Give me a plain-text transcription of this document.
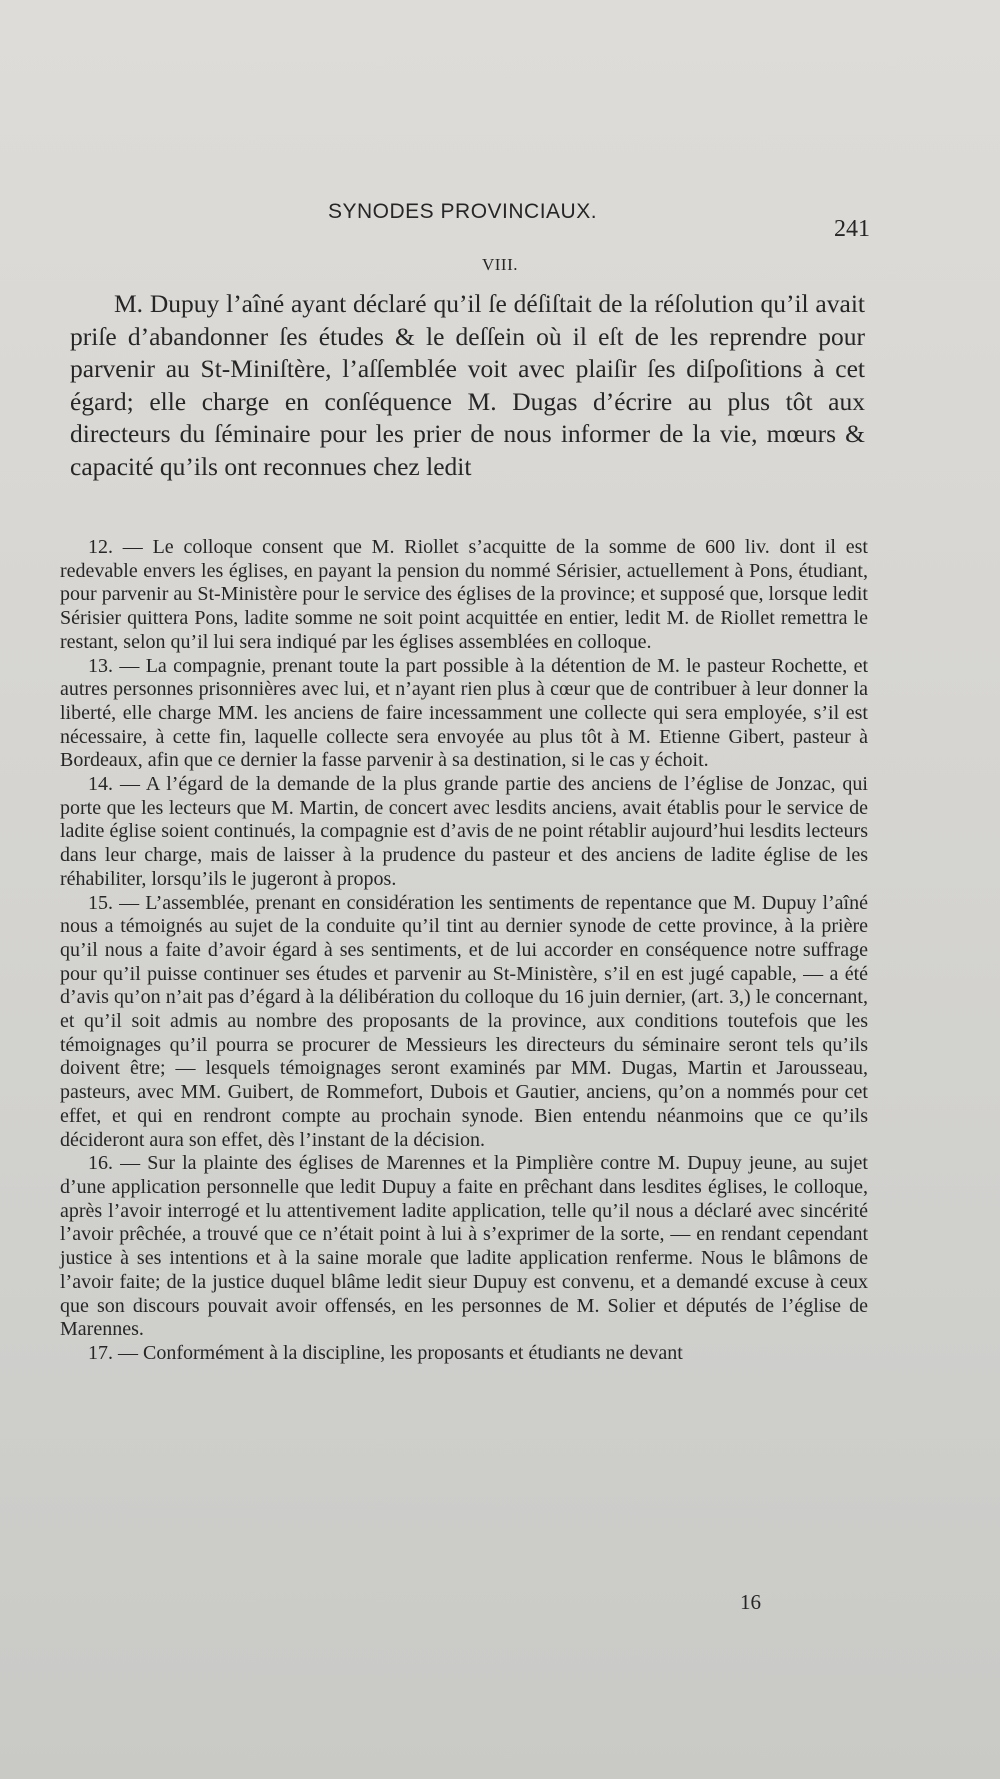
SYNODES PROVINCIAUX.
241
VIII.

M. Dupuy l’aîné ayant déclaré qu’il ſe déſiſtait de la réſolution qu’il avait priſe d’abandonner ſes études & le deſſein où il eſt de les reprendre pour parvenir au St-Miniſtère, l’aſſemblée voit avec plaiſir ſes diſpoſitions à cet égard; elle charge en conſéquence M. Dugas d’écrire au plus tôt aux directeurs du ſéminaire pour les prier de nous informer de la vie, mœurs & capacité qu’ils ont reconnues chez ledit

12. — Le colloque consent que M. Riollet s’acquitte de la somme de 600 liv. dont il est redevable envers les églises, en payant la pension du nommé Sérisier, actuellement à Pons, étudiant, pour parvenir au St-Ministère pour le service des églises de la province; et supposé que, lorsque ledit Sérisier quittera Pons, ladite somme ne soit point acquittée en entier, ledit M. de Riollet remettra le restant, selon qu’il lui sera indiqué par les églises assemblées en colloque.

13. — La compagnie, prenant toute la part possible à la détention de M. le pasteur Rochette, et autres personnes prisonnières avec lui, et n’ayant rien plus à cœur que de contribuer à leur donner la liberté, elle charge MM. les anciens de faire incessamment une collecte qui sera employée, s’il est nécessaire, à cette fin, laquelle collecte sera envoyée au plus tôt à M. Etienne Gibert, pasteur à Bordeaux, afin que ce dernier la fasse parvenir à sa destination, si le cas y échoit.

14. — A l’égard de la demande de la plus grande partie des anciens de l’église de Jonzac, qui porte que les lecteurs que M. Martin, de concert avec lesdits anciens, avait établis pour le service de ladite église soient continués, la compagnie est d’avis de ne point rétablir aujourd’hui lesdits lecteurs dans leur charge, mais de laisser à la prudence du pasteur et des anciens de ladite église de les réhabiliter, lorsqu’ils le jugeront à propos.

15. — L’assemblée, prenant en considération les sentiments de repentance que M. Dupuy l’aîné nous a témoignés au sujet de la conduite qu’il tint au dernier synode de cette province, à la prière qu’il nous a faite d’avoir égard à ses sentiments, et de lui accorder en conséquence notre suffrage pour qu’il puisse continuer ses études et parvenir au St-Ministère, s’il en est jugé capable, — a été d’avis qu’on n’ait pas d’égard à la délibération du colloque du 16 juin dernier, (art. 3,) le concernant, et qu’il soit admis au nombre des proposants de la province, aux conditions toutefois que les témoignages qu’il pourra se procurer de Messieurs les directeurs du séminaire seront tels qu’ils doivent être; — lesquels témoignages seront examinés par MM. Dugas, Martin et Jarousseau, pasteurs, avec MM. Guibert, de Rommefort, Dubois et Gautier, anciens, qu’on a nommés pour cet effet, et qui en rendront compte au prochain synode. Bien entendu néanmoins que ce qu’ils décideront aura son effet, dès l’instant de la décision.

16. — Sur la plainte des églises de Marennes et la Pimplière contre M. Dupuy jeune, au sujet d’une application personnelle que ledit Dupuy a faite en prêchant dans lesdites églises, le colloque, après l’avoir interrogé et lu attentivement ladite application, telle qu’il nous a déclaré avec sincérité l’avoir prêchée, a trouvé que ce n’était point à lui à s’exprimer de la sorte, — en rendant cependant justice à ses intentions et à la saine morale que ladite application renferme. Nous le blâmons de l’avoir faite; de la justice duquel blâme ledit sieur Dupuy est convenu, et a demandé excuse à ceux que son discours pouvait avoir offensés, en les personnes de M. Solier et députés de l’église de Marennes.

17. — Conformément à la discipline, les proposants et étudiants ne devant

16
